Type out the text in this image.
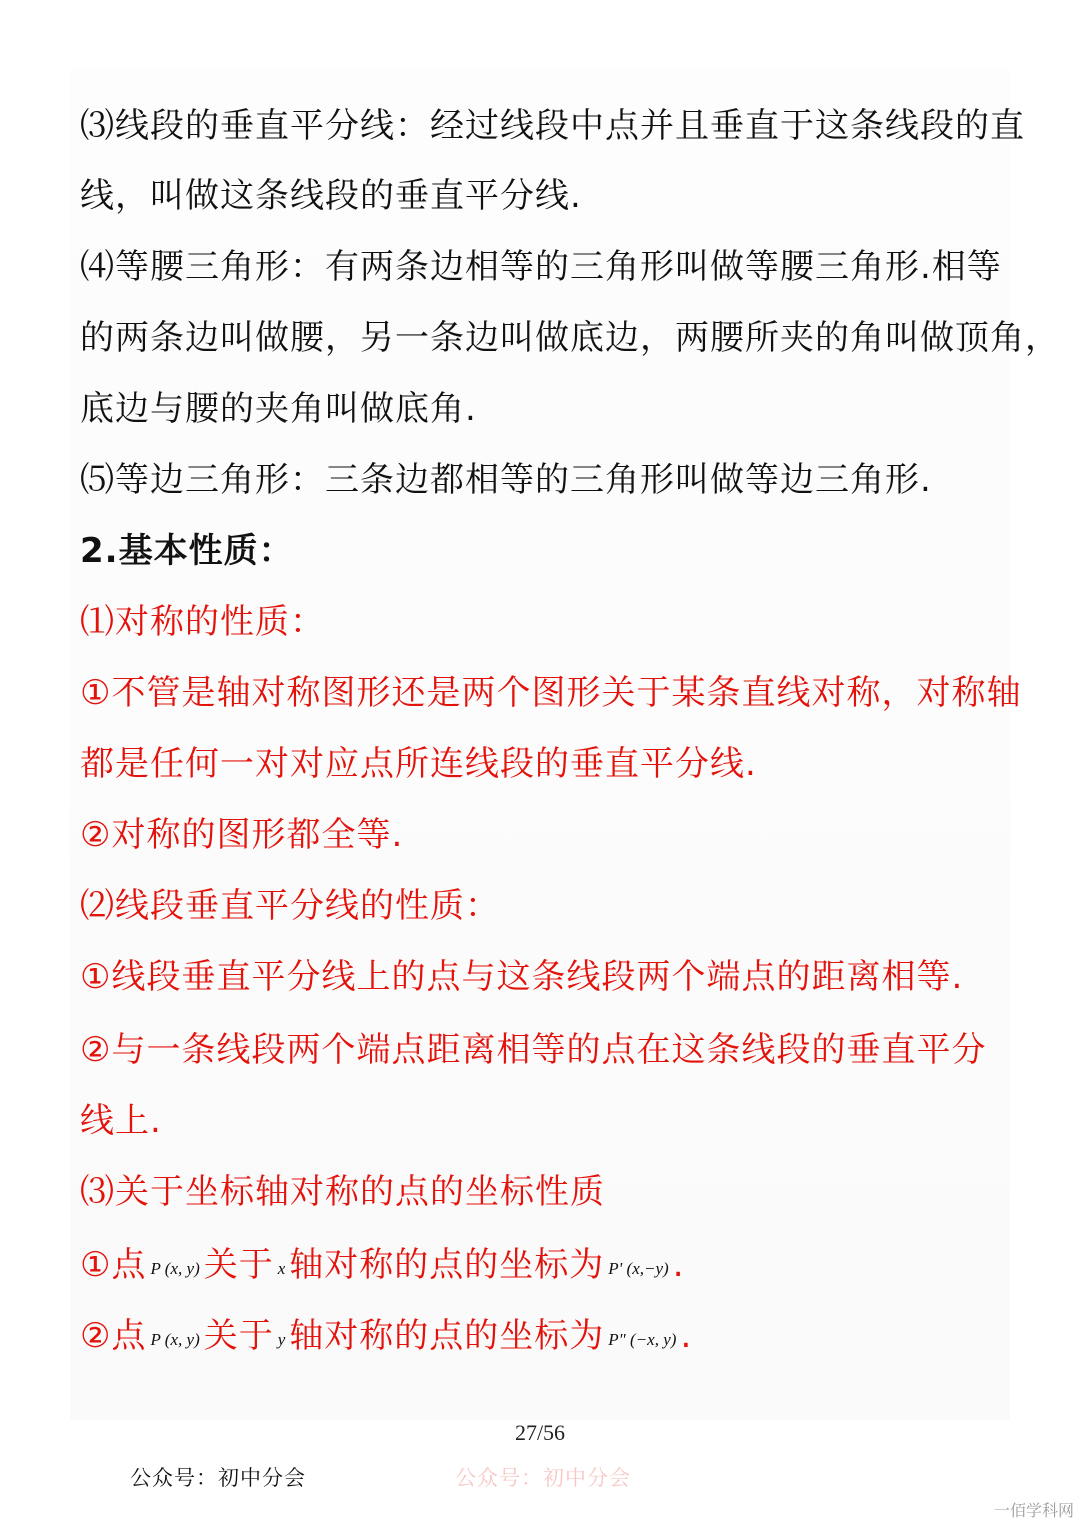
⑶线段的垂直平分线：经过线段中点并且垂直于这条线段的直
线，叫做这条线段的垂直平分线.
⑷等腰三角形：有两条边相等的三角形叫做等腰三角形.相等
的两条边叫做腰，另一条边叫做底边，两腰所夹的角叫做顶角，
底边与腰的夹角叫做底角.
⑸等边三角形：三条边都相等的三角形叫做等边三角形.
2.基本性质：
⑴对称的性质：
①不管是轴对称图形还是两个图形关于某条直线对称，对称轴
都是任何一对对应点所连线段的垂直平分线.
②对称的图形都全等.
⑵线段垂直平分线的性质：
①线段垂直平分线上的点与这条线段两个端点的距离相等.
②与一条线段两个端点距离相等的点在这条线段的垂直平分
线上.
⑶关于坐标轴对称的点的坐标性质
①点 P (x, y) 关于 x 轴对称的点的坐标为 P' (x,−y) .
②点 P (x, y) 关于 y 轴对称的点的坐标为 P" (−x, y) .
27/56
公众号：初中分会	公众号：初中分会
一佰学科网
